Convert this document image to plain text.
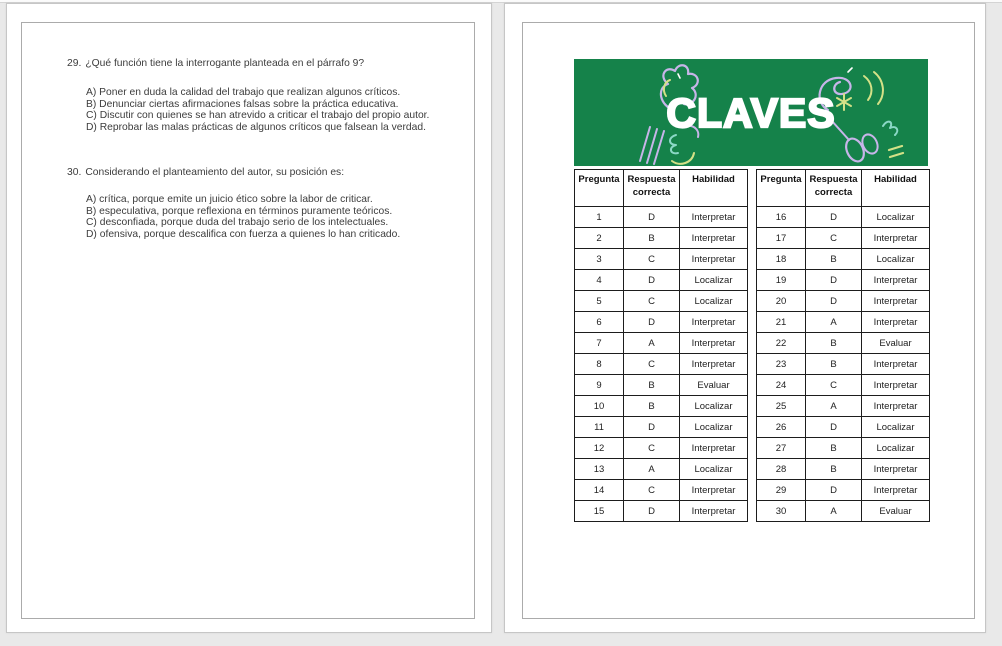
29. ¿Qué función tiene la interrogante planteada en el párrafo 9?
A) Poner en duda la calidad del trabajo que realizan algunos críticos.
B) Denunciar ciertas afirmaciones falsas sobre la práctica educativa.
C) Discutir con quienes se han atrevido a criticar el trabajo del propio autor.
D) Reprobar las malas prácticas de algunos críticos que falsean la verdad.
30. Considerando el planteamiento del autor, su posición es:
A) crítica, porque emite un juicio ético sobre la labor de criticar.
B) especulativa, porque reflexiona en términos puramente teóricos.
C) desconfiada, porque duda del trabajo serio de los intelectuales.
D) ofensiva, porque descalifica con fuerza a quienes lo han criticado.
CLAVES
Pregunta	Respuesta correcta	Habilidad
1	D	Interpretar
2	B	Interpretar
3	C	Interpretar
4	D	Localizar
5	C	Localizar
6	D	Interpretar
7	A	Interpretar
8	C	Interpretar
9	B	Evaluar
10	B	Localizar
11	D	Localizar
12	C	Interpretar
13	A	Localizar
14	C	Interpretar
15	D	Interpretar
Pregunta	Respuesta correcta	Habilidad
16	D	Localizar
17	C	Interpretar
18	B	Localizar
19	D	Interpretar
20	D	Interpretar
21	A	Interpretar
22	B	Evaluar
23	B	Interpretar
24	C	Interpretar
25	A	Interpretar
26	D	Localizar
27	B	Localizar
28	B	Interpretar
29	D	Interpretar
30	A	Evaluar
